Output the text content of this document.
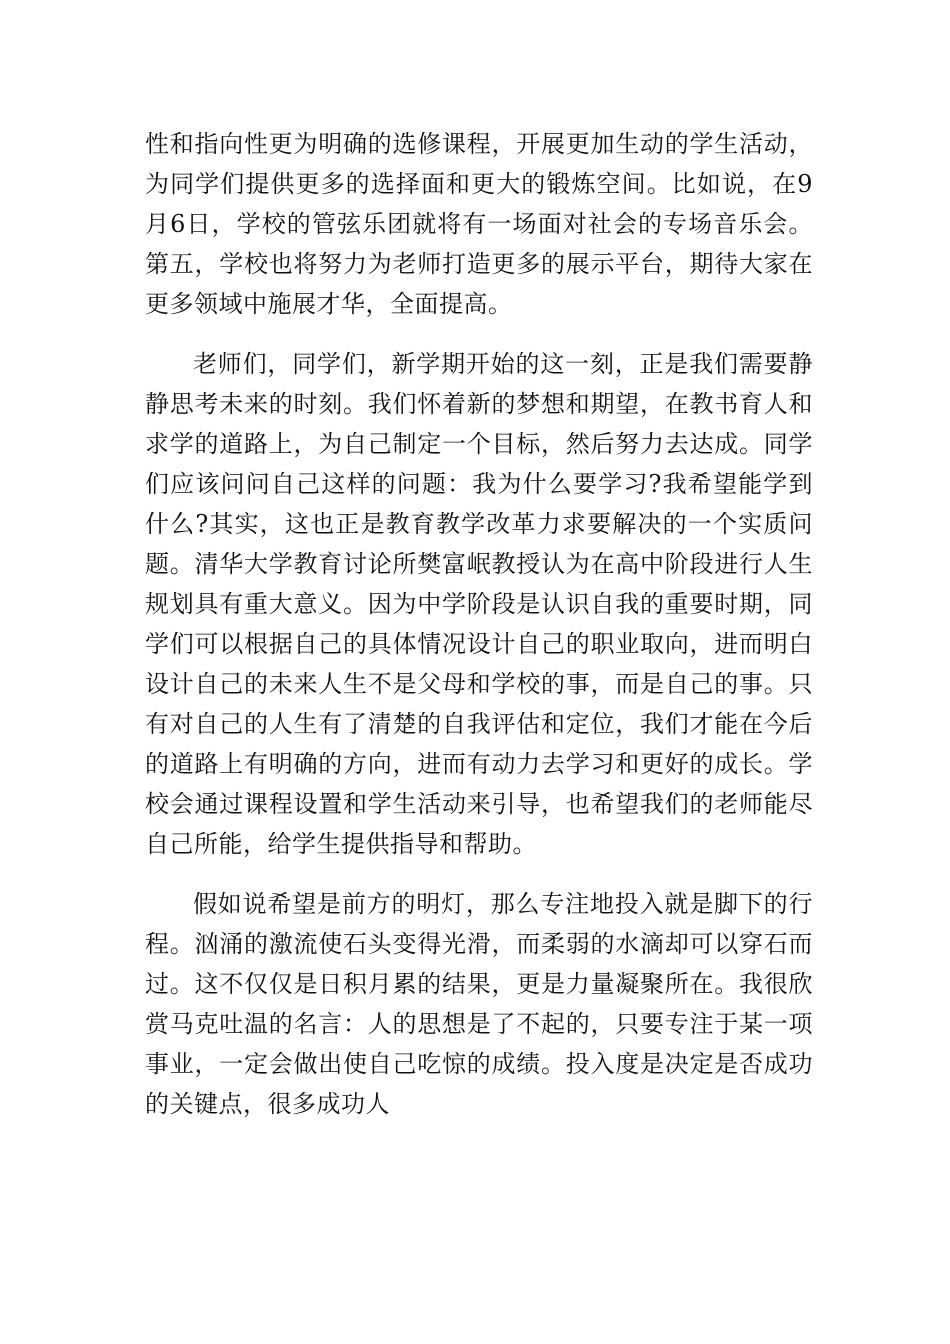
性和指向性更为明确的选修课程，开展更加生动的学生活动，为同学们提供更多的选择面和更大的锻炼空间。比如说，在9月6日，学校的管弦乐团就将有一场面对社会的专场音乐会。第五，学校也将努力为老师打造更多的展示平台，期待大家在更多领域中施展才华，全面提高。

老师们，同学们，新学期开始的这一刻，正是我们需要静静思考未来的时刻。我们怀着新的梦想和期望，在教书育人和求学的道路上，为自己制定一个目标，然后努力去达成。同学们应该问问自己这样的问题：我为什么要学习?我希望能学到什么?其实，这也正是教育教学改革力求要解决的一个实质问题。清华大学教育讨论所樊富岷教授认为在高中阶段进行人生规划具有重大意义。因为中学阶段是认识自我的重要时期，同学们可以根据自己的具体情况设计自己的职业取向，进而明白设计自己的未来人生不是父母和学校的事，而是自己的事。只有对自己的人生有了清楚的自我评估和定位，我们才能在今后的道路上有明确的方向，进而有动力去学习和更好的成长。学校会通过课程设置和学生活动来引导，也希望我们的老师能尽自己所能，给学生提供指导和帮助。

假如说希望是前方的明灯，那么专注地投入就是脚下的行程。汹涌的激流使石头变得光滑，而柔弱的水滴却可以穿石而过。这不仅仅是日积月累的结果，更是力量凝聚所在。我很欣赏马克吐温的名言：人的思想是了不起的，只要专注于某一项事业，一定会做出使自己吃惊的成绩。投入度是决定是否成功的关键点，很多成功人
